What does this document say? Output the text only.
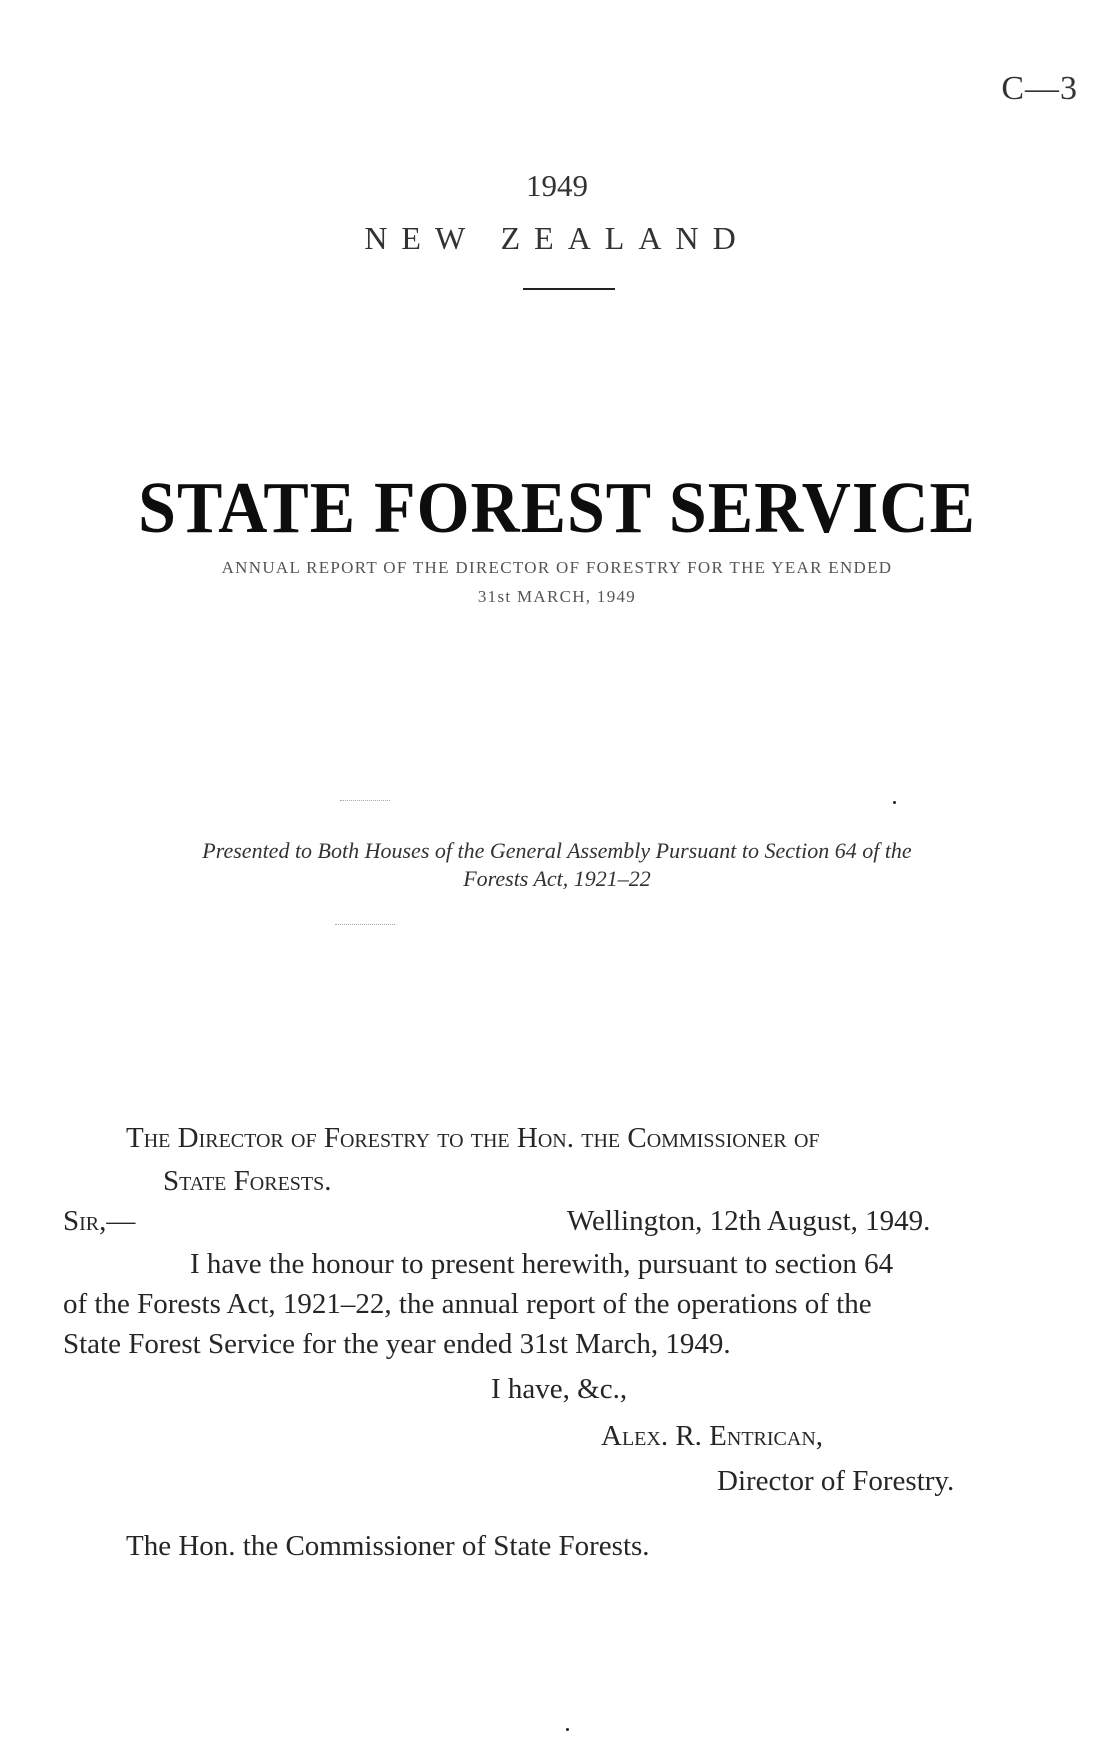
C—3
1949
NEW ZEALAND
STATE FOREST SERVICE
ANNUAL REPORT OF THE DIRECTOR OF FORESTRY FOR THE YEAR ENDED
31st MARCH, 1949
Presented to Both Houses of the General Assembly Pursuant to Section 64 of the
Forests Act, 1921–22
The Director of Forestry to the Hon. the Commissioner of
State Forests.
Sir,—	Wellington, 12th August, 1949.
I have the honour to present herewith, pursuant to section 64
of the Forests Act, 1921–22, the annual report of the operations of the
State Forest Service for the year ended 31st March, 1949.
I have, &c.,
Alex. R. Entrican,
Director of Forestry.
The Hon. the Commissioner of State Forests.
